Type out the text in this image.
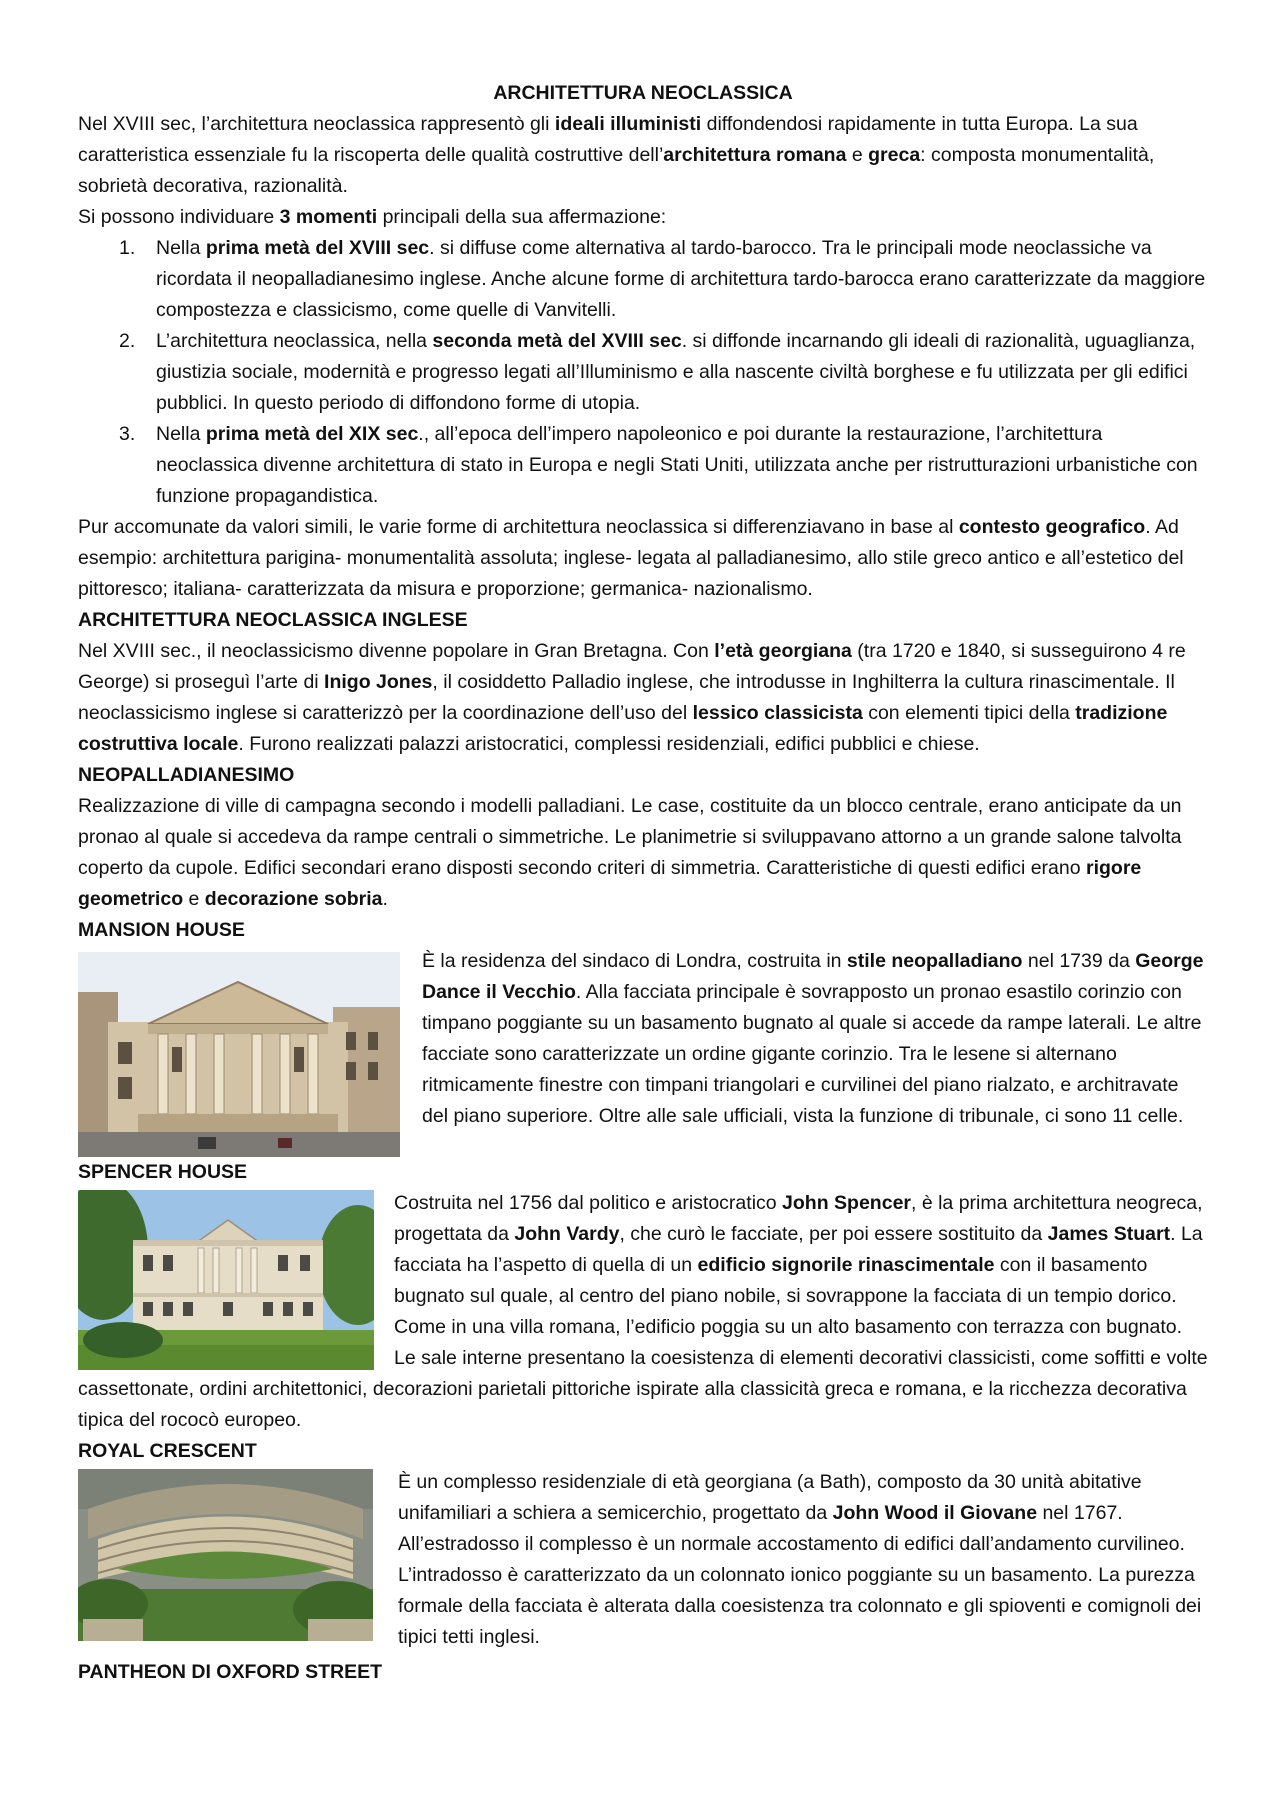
ARCHITETTURA NEOCLASSICA

Nel XVIII sec, l’architettura neoclassica rappresentò gli ideali illuministi diffondendosi rapidamente in tutta Europa. La sua caratteristica essenziale fu la riscoperta delle qualità costruttive dell’architettura romana e greca: composta monumentalità, sobrietà decorativa, razionalità.

Si possono individuare 3 momenti principali della sua affermazione:

1. Nella prima metà del XVIII sec. si diffuse come alternativa al tardo-barocco. Tra le principali mode neoclassiche va ricordata il neopalladianesimo inglese. Anche alcune forme di architettura tardo-barocca erano caratterizzate da maggiore compostezza e classicismo, come quelle di Vanvitelli.
2. L’architettura neoclassica, nella seconda metà del XVIII sec. si diffonde incarnando gli ideali di razionalità, uguaglianza, giustizia sociale, modernità e progresso legati all’Illuminismo e alla nascente civiltà borghese e fu utilizzata per gli edifici pubblici. In questo periodo di diffondono forme di utopia.
3. Nella prima metà del XIX sec., all’epoca dell’impero napoleonico e poi durante la restaurazione, l’architettura neoclassica divenne architettura di stato in Europa e negli Stati Uniti, utilizzata anche per ristrutturazioni urbanistiche con funzione propagandistica.

Pur accomunate da valori simili, le varie forme di architettura neoclassica si differenziavano in base al contesto geografico. Ad esempio: architettura parigina- monumentalità assoluta; inglese- legata al palladianesimo, allo stile greco antico e all’estetico del pittoresco; italiana- caratterizzata da misura e proporzione; germanica- nazionalismo.

ARCHITETTURA NEOCLASSICA INGLESE

Nel XVIII sec., il neoclassicismo divenne popolare in Gran Bretagna. Con l’età georgiana (tra 1720 e 1840, si susseguirono 4 re George) si proseguì l’arte di Inigo Jones, il cosiddetto Palladio inglese, che introdusse in Inghilterra la cultura rinascimentale. Il neoclassicismo inglese si caratterizzò per la coordinazione dell’uso del lessico classicista con elementi tipici della tradizione costruttiva locale. Furono realizzati palazzi aristocratici, complessi residenziali, edifici pubblici e chiese.

NEOPALLADIANESIMO

Realizzazione di ville di campagna secondo i modelli palladiani. Le case, costituite da un blocco centrale, erano anticipate da un pronao al quale si accedeva da rampe centrali o simmetriche. Le planimetrie si sviluppavano attorno a un grande salone talvolta coperto da cupole. Edifici secondari erano disposti secondo criteri di simmetria. Caratteristiche di questi edifici erano rigore geometrico e decorazione sobria.

MANSION HOUSE

È la residenza del sindaco di Londra, costruita in stile neopalladiano nel 1739 da George Dance il Vecchio. Alla facciata principale è sovrapposto un pronao esastilo corinzio con timpano poggiante su un basamento bugnato al quale si accede da rampe laterali. Le altre facciate sono caratterizzate un ordine gigante corinzio. Tra le lesene si alternano ritmicamente finestre con timpani triangolari e curvilinei del piano rialzato, e architravate del piano superiore. Oltre alle sale ufficiali, vista la funzione di tribunale, ci sono 11 celle.

SPENCER HOUSE

Costruita nel 1756 dal politico e aristocratico John Spencer, è la prima architettura neogreca, progettata da John Vardy, che curò le facciate, per poi essere sostituito da James Stuart. La facciata ha l’aspetto di quella di un edificio signorile rinascimentale con il basamento bugnato sul quale, al centro del piano nobile, si sovrappone la facciata di un tempio dorico. Come in una villa romana, l’edificio poggia su un alto basamento con terrazza con bugnato. Le sale interne presentano la coesistenza di elementi decorativi classicisti, come soffitti e volte cassettonate, ordini architettonici, decorazioni parietali pittoriche ispirate alla classicità greca e romana, e la ricchezza decorativa tipica del rococò europeo.

ROYAL CRESCENT

È un complesso residenziale di età georgiana (a Bath), composto da 30 unità abitative unifamiliari a schiera a semicerchio, progettato da John Wood il Giovane nel 1767. All’estradosso il complesso è un normale accostamento di edifici dall’andamento curvilineo. L’intradosso è caratterizzato da un colonnato ionico poggiante su un basamento. La purezza formale della facciata è alterata dalla coesistenza tra colonnato e gli spioventi e comignoli dei tipici tetti inglesi.

PANTHEON DI OXFORD STREET
